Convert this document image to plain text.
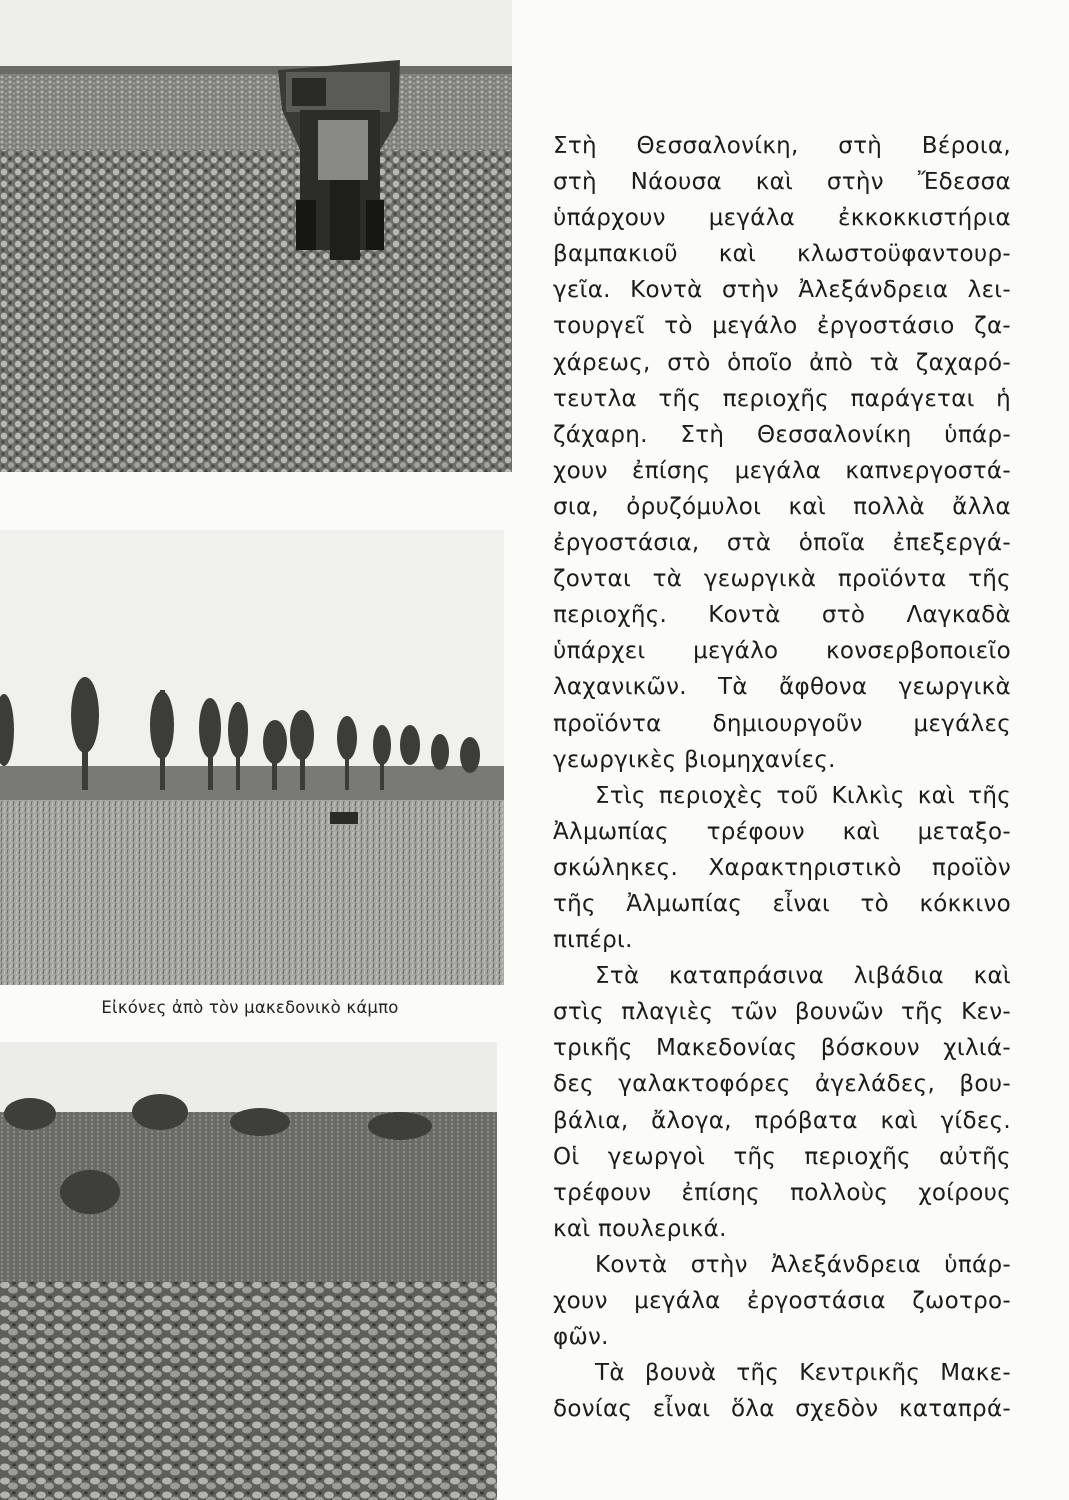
Εἰκόνες ἀπὸ τὸν μακεδονικὸ κάμπο

Στὴ Θεσσαλονίκη, στὴ Βέροια,
στὴ Νάουσα καὶ στὴν Ἔδεσσα
ὑπάρχουν μεγάλα ἐκκοκκιστήρια
βαμπακιοῦ καὶ κλωστοϋφαντουρ-
γεῖα. Κοντὰ στὴν Ἀλεξάνδρεια λει-
τουργεῖ τὸ μεγάλο ἐργοστάσιο ζα-
χάρεως, στὸ ὁποῖο ἀπὸ τὰ ζαχαρό-
τευτλα τῆς περιοχῆς παράγεται ἡ
ζάχαρη. Στὴ Θεσσαλονίκη ὑπάρ-
χουν ἐπίσης μεγάλα καπνεργοστά-
σια, ὀρυζόμυλοι καὶ πολλὰ ἄλλα
ἐργοστάσια, στὰ ὁποῖα ἐπεξεργά-
ζονται τὰ γεωργικὰ προϊόντα τῆς
περιοχῆς. Κοντὰ στὸ Λαγκαδὰ
ὑπάρχει μεγάλο κονσερβοποιεῖο
λαχανικῶν. Τὰ ἄφθονα γεωργικὰ
προϊόντα δημιουργοῦν μεγάλες
γεωργικὲς βιομηχανίες.

Στὶς περιοχὲς τοῦ Κιλκὶς καὶ τῆς
Ἀλμωπίας τρέφουν καὶ μεταξο-
σκώληκες. Χαρακτηριστικὸ προϊὸν
τῆς Ἀλμωπίας εἶναι τὸ κόκκινο
πιπέρι.

Στὰ καταπράσινα λιβάδια καὶ
στὶς πλαγιὲς τῶν βουνῶν τῆς Κεν-
τρικῆς Μακεδονίας βόσκουν χιλιά-
δες γαλακτοφόρες ἀγελάδες, βου-
βάλια, ἄλογα, πρόβατα καὶ γίδες.
Οἱ γεωργοὶ τῆς περιοχῆς αὐτῆς
τρέφουν ἐπίσης πολλοὺς χοίρους
καὶ πουλερικά.

Κοντὰ στὴν Ἀλεξάνδρεια ὑπάρ-
χουν μεγάλα ἐργοστάσια ζωοτρο-
φῶν.

Τὰ βουνὰ τῆς Κεντρικῆς Μακε-
δονίας εἶναι ὅλα σχεδὸν καταπρά-
